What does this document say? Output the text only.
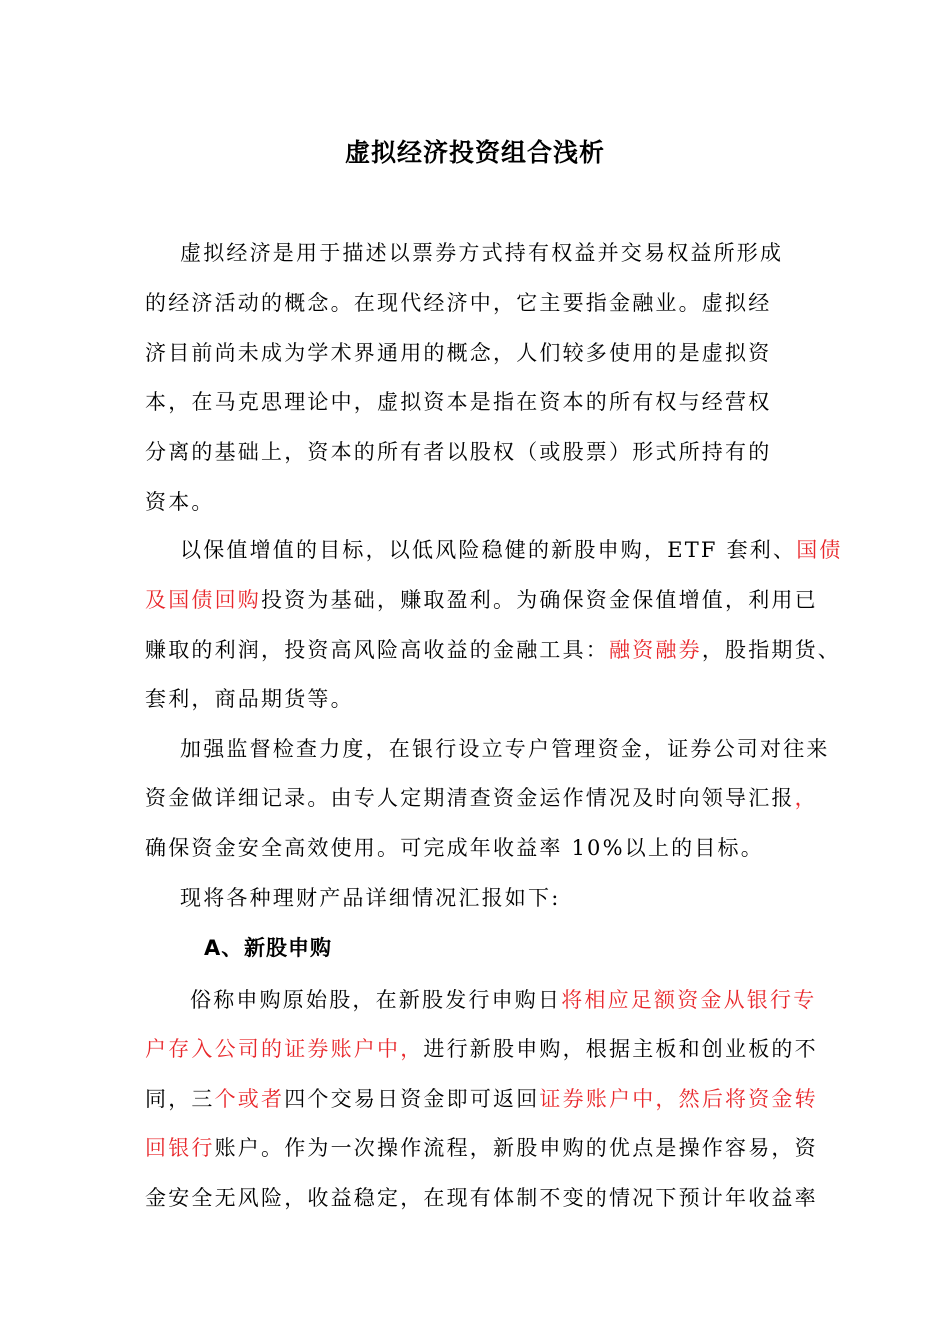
虚拟经济投资组合浅析
虚拟经济是用于描述以票券方式持有权益并交易权益所形成
的经济活动的概念。在现代经济中，它主要指金融业。虚拟经
济目前尚未成为学术界通用的概念，人们较多使用的是虚拟资
本，在马克思理论中，虚拟资本是指在资本的所有权与经营权
分离的基础上，资本的所有者以股权（或股票）形式所持有的
资本。
以保值增值的目标，以低风险稳健的新股申购，ETF 套利、国债
及国债回购投资为基础，赚取盈利。为确保资金保值增值，利用已
赚取的利润，投资高风险高收益的金融工具：融资融券，股指期货、
套利，商品期货等。
加强监督检查力度，在银行设立专户管理资金，证券公司对往来
资金做详细记录。由专人定期清查资金运作情况及时向领导汇报，
确保资金安全高效使用。可完成年收益率 10%以上的目标。
现将各种理财产品详细情况汇报如下:
A、新股申购
俗称申购原始股，在新股发行申购日将相应足额资金从银行专
户存入公司的证券账户中，进行新股申购，根据主板和创业板的不
同，三个或者四个交易日资金即可返回证券账户中，然后将资金转
回银行账户。作为一次操作流程，新股申购的优点是操作容易，资
金安全无风险，收益稳定，在现有体制不变的情况下预计年收益率
